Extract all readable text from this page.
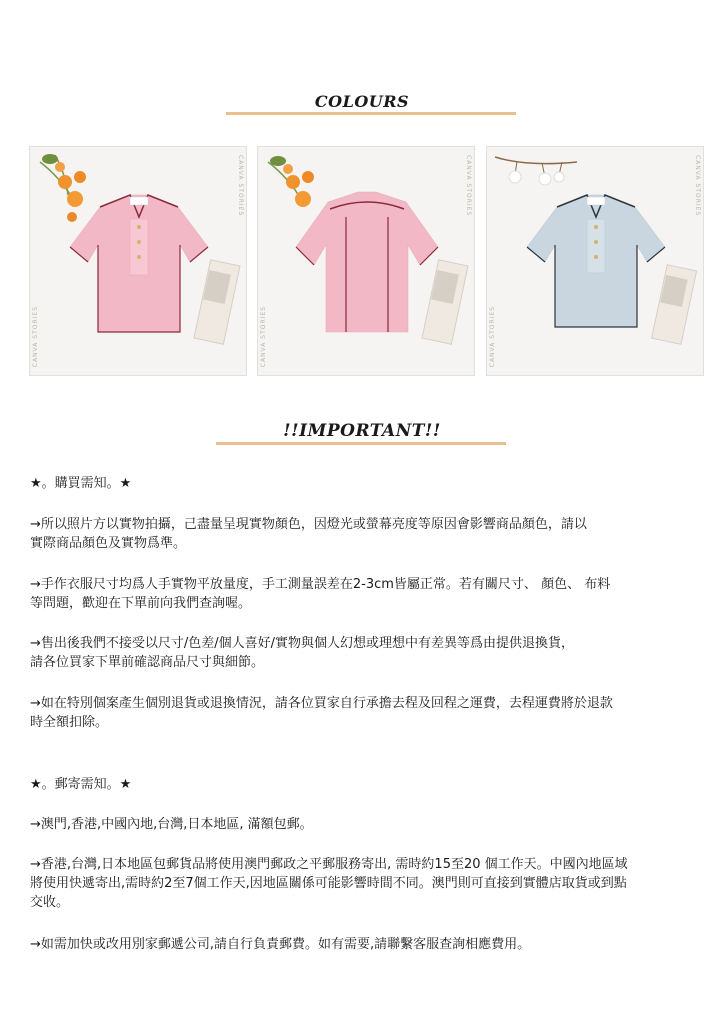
COLOURS
CANVA STORIES
CANVA STORIES
CANVA STORIES
CANVA STORIES
CANVA STORIES
CANVA STORIES
!!IMPORTANT!!
★。購買需知。★
→所以照片方以實物拍攝，己盡量呈現實物顏色，因燈光或螢幕亮度等原因會影響商品顏色，請以
實際商品顏色及實物爲準。
→手作衣服尺寸均爲人手實物平放量度，手工測量誤差在2-3cm皆屬正常。若有關尺寸、 顏色、 布料
等問題，歡迎在下單前向我們查詢喔。
→售出後我們不接受以尺寸/色差/個人喜好/實物與個人幻想或理想中有差異等爲由提供退換貨，
請各位買家下單前確認商品尺寸與細節。
→如在特別個案產生個別退貨或退換情況，請各位買家自行承擔去程及回程之運費，去程運費將於退款
時全額扣除。
★。郵寄需知。★
→澳門,香港,中國內地,台灣,日本地區, 滿額包郵。
→香港,台灣,日本地區包郵貨品將使用澳門郵政之平郵服務寄出, 需時約15至20 個工作天。中國內地區域
將使用快遞寄出,需時約2至7個工作天,因地區關係可能影響時間不同。澳門則可直接到實體店取貨或到點
交收。
→如需加快或改用別家郵遞公司,請自行負責郵費。如有需要,請聯繫客服查詢相應費用。
